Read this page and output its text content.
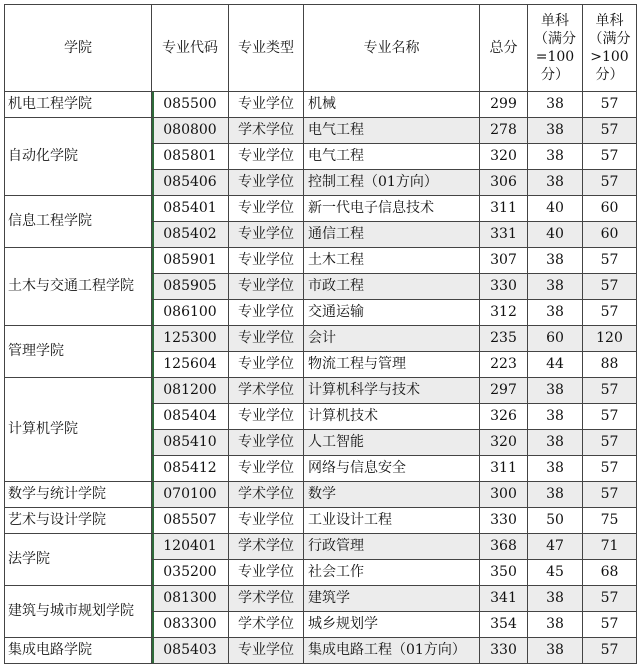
学院	专业代码	专业类型	专业名称	总分	单科（满分=100分）	单科（满分>100分）
机电工程学院	085500	专业学位	机械	299	38	57
自动化学院	080800	学术学位	电气工程	278	38	57
	085801	专业学位	电气工程	320	38	57
	085406	专业学位	控制工程（01方向）	306	38	57
信息工程学院	085401	专业学位	新一代电子信息技术	311	40	60
	085402	专业学位	通信工程	331	40	60
土木与交通工程学院	085901	专业学位	土木工程	307	38	57
	085905	专业学位	市政工程	330	38	57
	086100	专业学位	交通运输	312	38	57
管理学院	125300	专业学位	会计	235	60	120
	125604	专业学位	物流工程与管理	223	44	88
计算机学院	081200	学术学位	计算机科学与技术	297	38	57
	085404	专业学位	计算机技术	326	38	57
	085410	专业学位	人工智能	320	38	57
	085412	专业学位	网络与信息安全	311	38	57
数学与统计学院	070100	学术学位	数学	300	38	57
艺术与设计学院	085507	专业学位	工业设计工程	330	50	75
法学院	120401	学术学位	行政管理	368	47	71
	035200	专业学位	社会工作	350	45	68
建筑与城市规划学院	081300	学术学位	建筑学	341	38	57
	083300	学术学位	城乡规划学	354	38	57
集成电路学院	085403	专业学位	集成电路工程（01方向）	330	38	57
